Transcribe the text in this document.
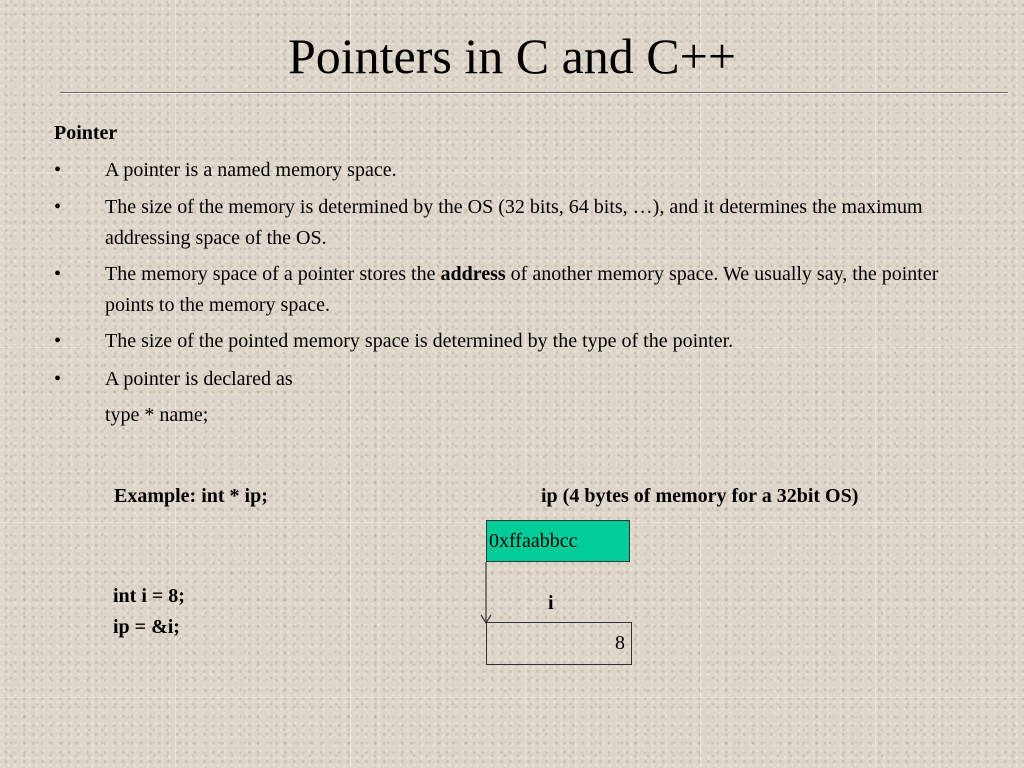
Pointers in C and C++
Pointer
•	A pointer is a named memory space.
•	The size of the memory is determined by the OS (32 bits, 64 bits, …), and it determines the maximum addressing space of the OS.
•	The memory space of a pointer stores the address of another memory space. We usually say, the pointer points to the memory space.
•	The size of the pointed memory space is determined by the type of the pointer.
•	A pointer is declared as
type * name;
Example: int * ip;	ip (4 bytes of memory for a 32bit OS)
int i = 8;
ip = &i;
0xffaabbcc
i
8
